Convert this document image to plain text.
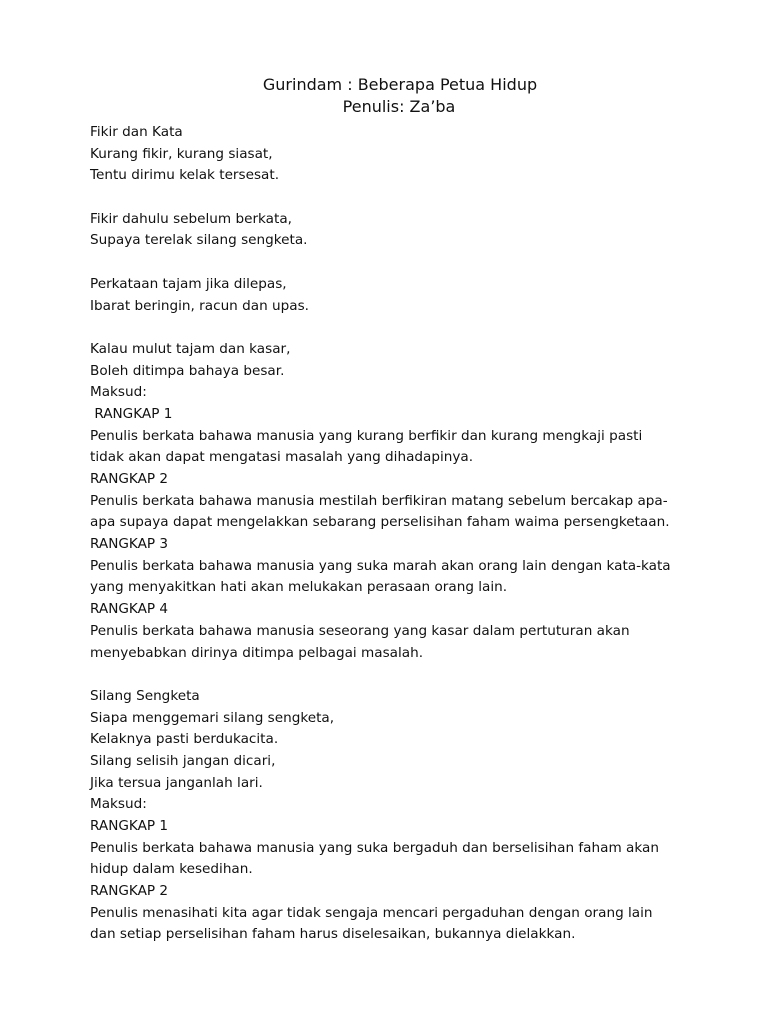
Gurindam : Beberapa Petua Hidup
Penulis: Za’ba
Fikir dan Kata
Kurang fikir, kurang siasat,
Tentu dirimu kelak tersesat.
Fikir dahulu sebelum berkata,
Supaya terelak silang sengketa.
Perkataan tajam jika dilepas,
Ibarat beringin, racun dan upas.
Kalau mulut tajam dan kasar,
Boleh ditimpa bahaya besar.
Maksud:
RANGKAP 1
Penulis berkata bahawa manusia yang kurang berfikir dan kurang mengkaji pasti
tidak akan dapat mengatasi masalah yang dihadapinya.
RANGKAP 2
Penulis berkata bahawa manusia mestilah berfikiran matang sebelum bercakap apa-
apa supaya dapat mengelakkan sebarang perselisihan faham waima persengketaan.
RANGKAP 3
Penulis berkata bahawa manusia yang suka marah akan orang lain dengan kata-kata
yang menyakitkan hati akan melukakan perasaan orang lain.
RANGKAP 4
Penulis berkata bahawa manusia seseorang yang kasar dalam pertuturan akan
menyebabkan dirinya ditimpa pelbagai masalah.
Silang Sengketa
Siapa menggemari silang sengketa,
Kelaknya pasti berdukacita.
Silang selisih jangan dicari,
Jika tersua janganlah lari.
Maksud:
RANGKAP 1
Penulis berkata bahawa manusia yang suka bergaduh dan berselisihan faham akan
hidup dalam kesedihan.
RANGKAP 2
Penulis menasihati kita agar tidak sengaja mencari pergaduhan dengan orang lain
dan setiap perselisihan faham harus diselesaikan, bukannya dielakkan.
